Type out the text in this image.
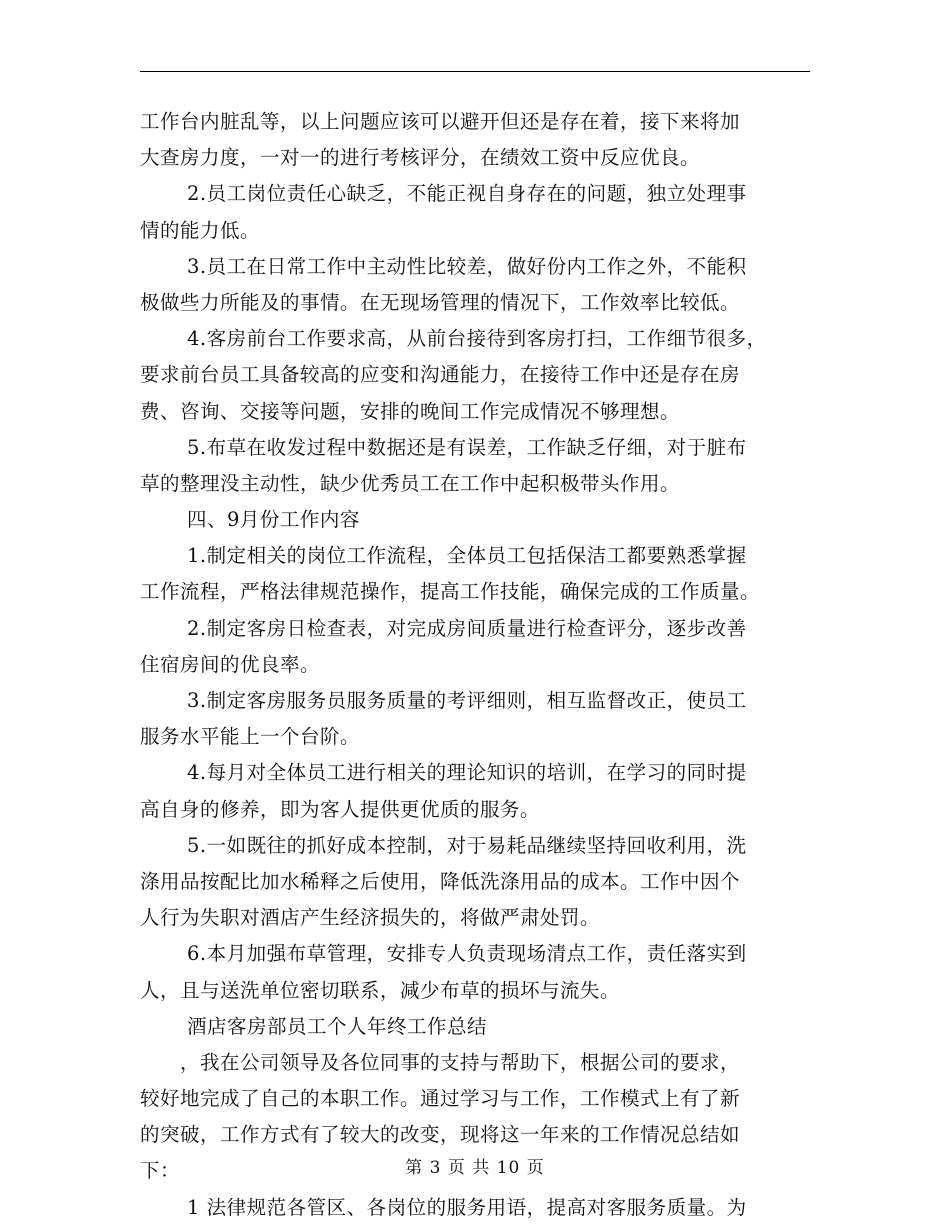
工作台内脏乱等，以上问题应该可以避开但还是存在着，接下来将加
大查房力度，一对一的进行考核评分，在绩效工资中反应优良。
2.员工岗位责任心缺乏，不能正视自身存在的问题，独立处理事
情的能力低。
3.员工在日常工作中主动性比较差，做好份内工作之外，不能积
极做些力所能及的事情。在无现场管理的情况下，工作效率比较低。
4.客房前台工作要求高，从前台接待到客房打扫，工作细节很多，
要求前台员工具备较高的应变和沟通能力，在接待工作中还是存在房
费、咨询、交接等问题，安排的晚间工作完成情况不够理想。
5.布草在收发过程中数据还是有误差，工作缺乏仔细，对于脏布
草的整理没主动性，缺少优秀员工在工作中起积极带头作用。
四、9月份工作内容
1.制定相关的岗位工作流程，全体员工包括保洁工都要熟悉掌握
工作流程，严格法律规范操作，提高工作技能，确保完成的工作质量。
2.制定客房日检查表，对完成房间质量进行检查评分，逐步改善
住宿房间的优良率。
3.制定客房服务员服务质量的考评细则，相互监督改正，使员工
服务水平能上一个台阶。
4.每月对全体员工进行相关的理论知识的培训，在学习的同时提
高自身的修养，即为客人提供更优质的服务。
5.一如既往的抓好成本控制，对于易耗品继续坚持回收利用，洗
涤用品按配比加水稀释之后使用，降低洗涤用品的成本。工作中因个
人行为失职对酒店产生经济损失的，将做严肃处罚。
6.本月加强布草管理，安排专人负责现场清点工作，责任落实到
人，且与送洗单位密切联系，减少布草的损坏与流失。
酒店客房部员工个人年终工作总结
，我在公司领导及各位同事的支持与帮助下，根据公司的要求，
较好地完成了自己的本职工作。通过学习与工作，工作模式上有了新
的突破，工作方式有了较大的改变，现将这一年来的工作情况总结如
下：
1 法律规范各管区、各岗位的服务用语，提高对客服务质量。为
第 3 页 共 10 页
